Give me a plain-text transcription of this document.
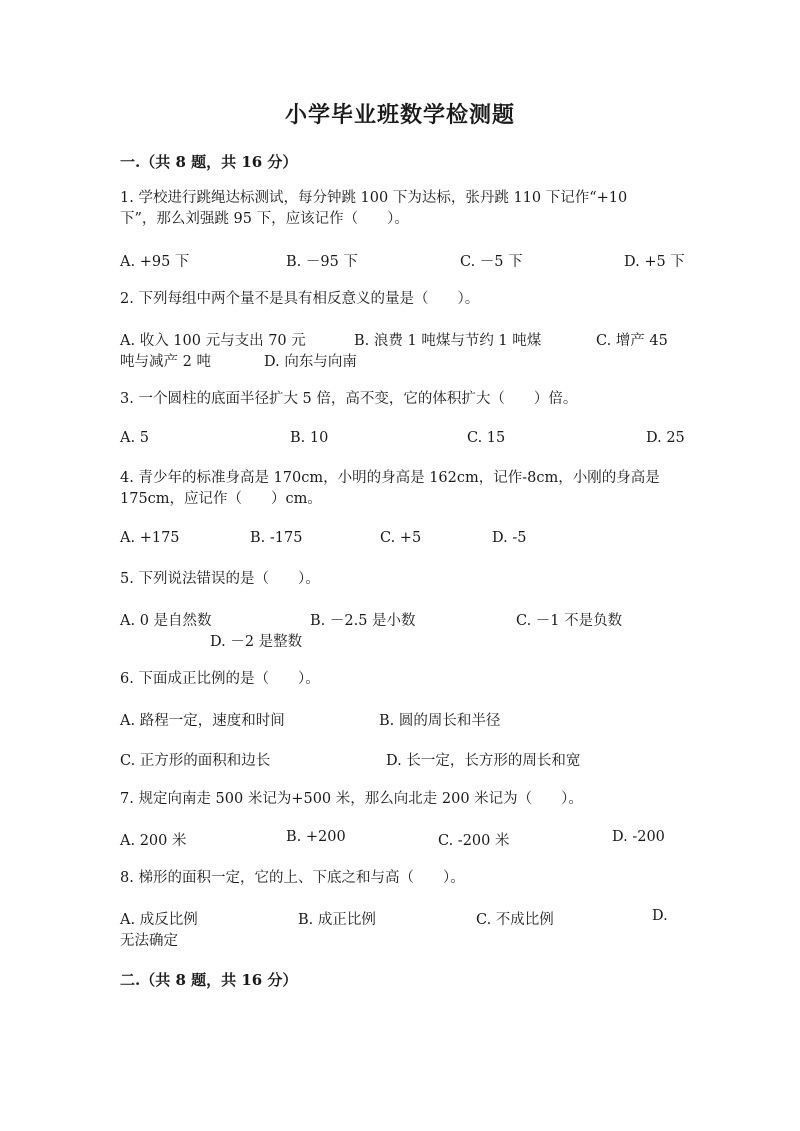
小学毕业班数学检测题
一.（共 8 题，共 16 分）
1. 学校进行跳绳达标测试，每分钟跳 100 下为达标，张丹跳 110 下记作“+10
下”，那么刘强跳 95 下，应该记作（　　）。
A. +95 下	B. －95 下	C. －5 下	D. +5 下
2. 下列每组中两个量不是具有相反意义的量是（　　）。
A. 收入 100 元与支出 70 元	B. 浪费 1 吨煤与节约 1 吨煤	C. 增产 45
吨与减产 2 吨	D. 向东与向南
3. 一个圆柱的底面半径扩大 5 倍，高不变，它的体积扩大（　　）倍。
A. 5	B. 10	C. 15	D. 25
4. 青少年的标准身高是 170cm，小明的身高是 162cm，记作-8cm，小刚的身高是
175cm，应记作（　　）cm。
A. +175	B. -175	C. +5	D. -5
5. 下列说法错误的是（　　）。
A. 0 是自然数	B. －2.5 是小数	C. －1 不是负数
D. －2 是整数
6. 下面成正比例的是（　　）。
A. 路程一定，速度和时间	B. 圆的周长和半径
C. 正方形的面积和边长	D. 长一定，长方形的周长和宽
7. 规定向南走 500 米记为+500 米，那么向北走 200 米记为（　　）。
A. 200 米	B. +200	C. -200 米	D. -200
8. 梯形的面积一定，它的上、下底之和与高（　　）。
A. 成反比例	B. 成正比例	C. 不成比例	D.
无法确定
二.（共 8 题，共 16 分）
